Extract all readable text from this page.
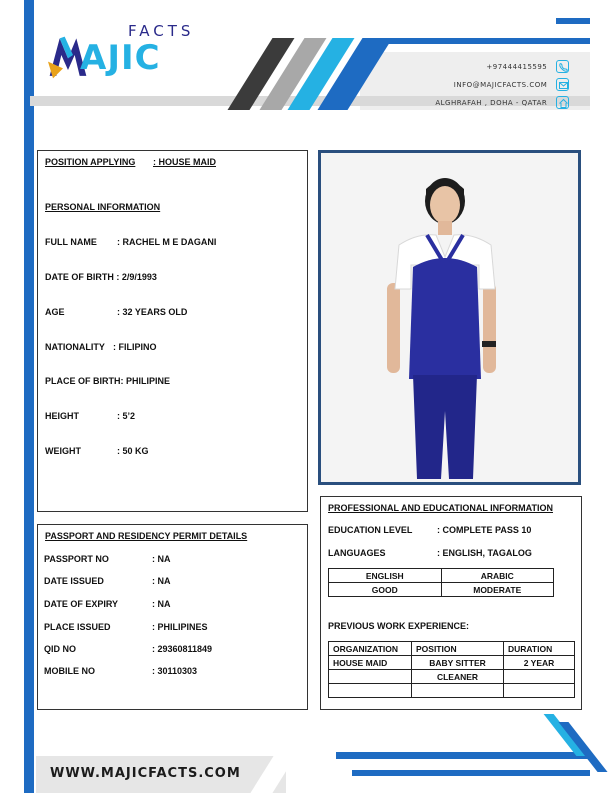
FACTS
AJIC	+97444415595
INFO@MAJICFACTS.COM
ALGHRAFAH , DOHA - QATAR
POSITION APPLYING : HOUSE MAID
PERSONAL INFORMATION
FULL NAME : RACHEL M E DAGANI
DATE OF BIRTH : 2/9/1993
AGE	: 32 YEARS OLD
NATIONALITY : FILIPINO
PLACE OF BIRTH: PHILIPINE
HEIGHT	: 5’2
WEIGHT	: 50 KG
PASSPORT AND RESIDENCY PERMIT DETAILS
PASSPORT NO	: NA
DATE ISSUED	: NA
DATE OF EXPIRY	: NA
PLACE ISSUED	: PHILIPINES
QID NO	: 29360811849
MOBILE NO	: 30110303
PROFESSIONAL AND EDUCATIONAL INFORMATION
EDUCATION LEVEL	: COMPLETE PASS 10
LANGUAGES	: ENGLISH, TAGALOG
ENGLISH	ARABIC
GOOD	MODERATE
PREVIOUS WORK EXPERIENCE:
ORGANIZATION	POSITION	DURATION
HOUSE MAID	BABY SITTER	2 YEAR
	CLEANER	

WWW.MAJICFACTS.COM
